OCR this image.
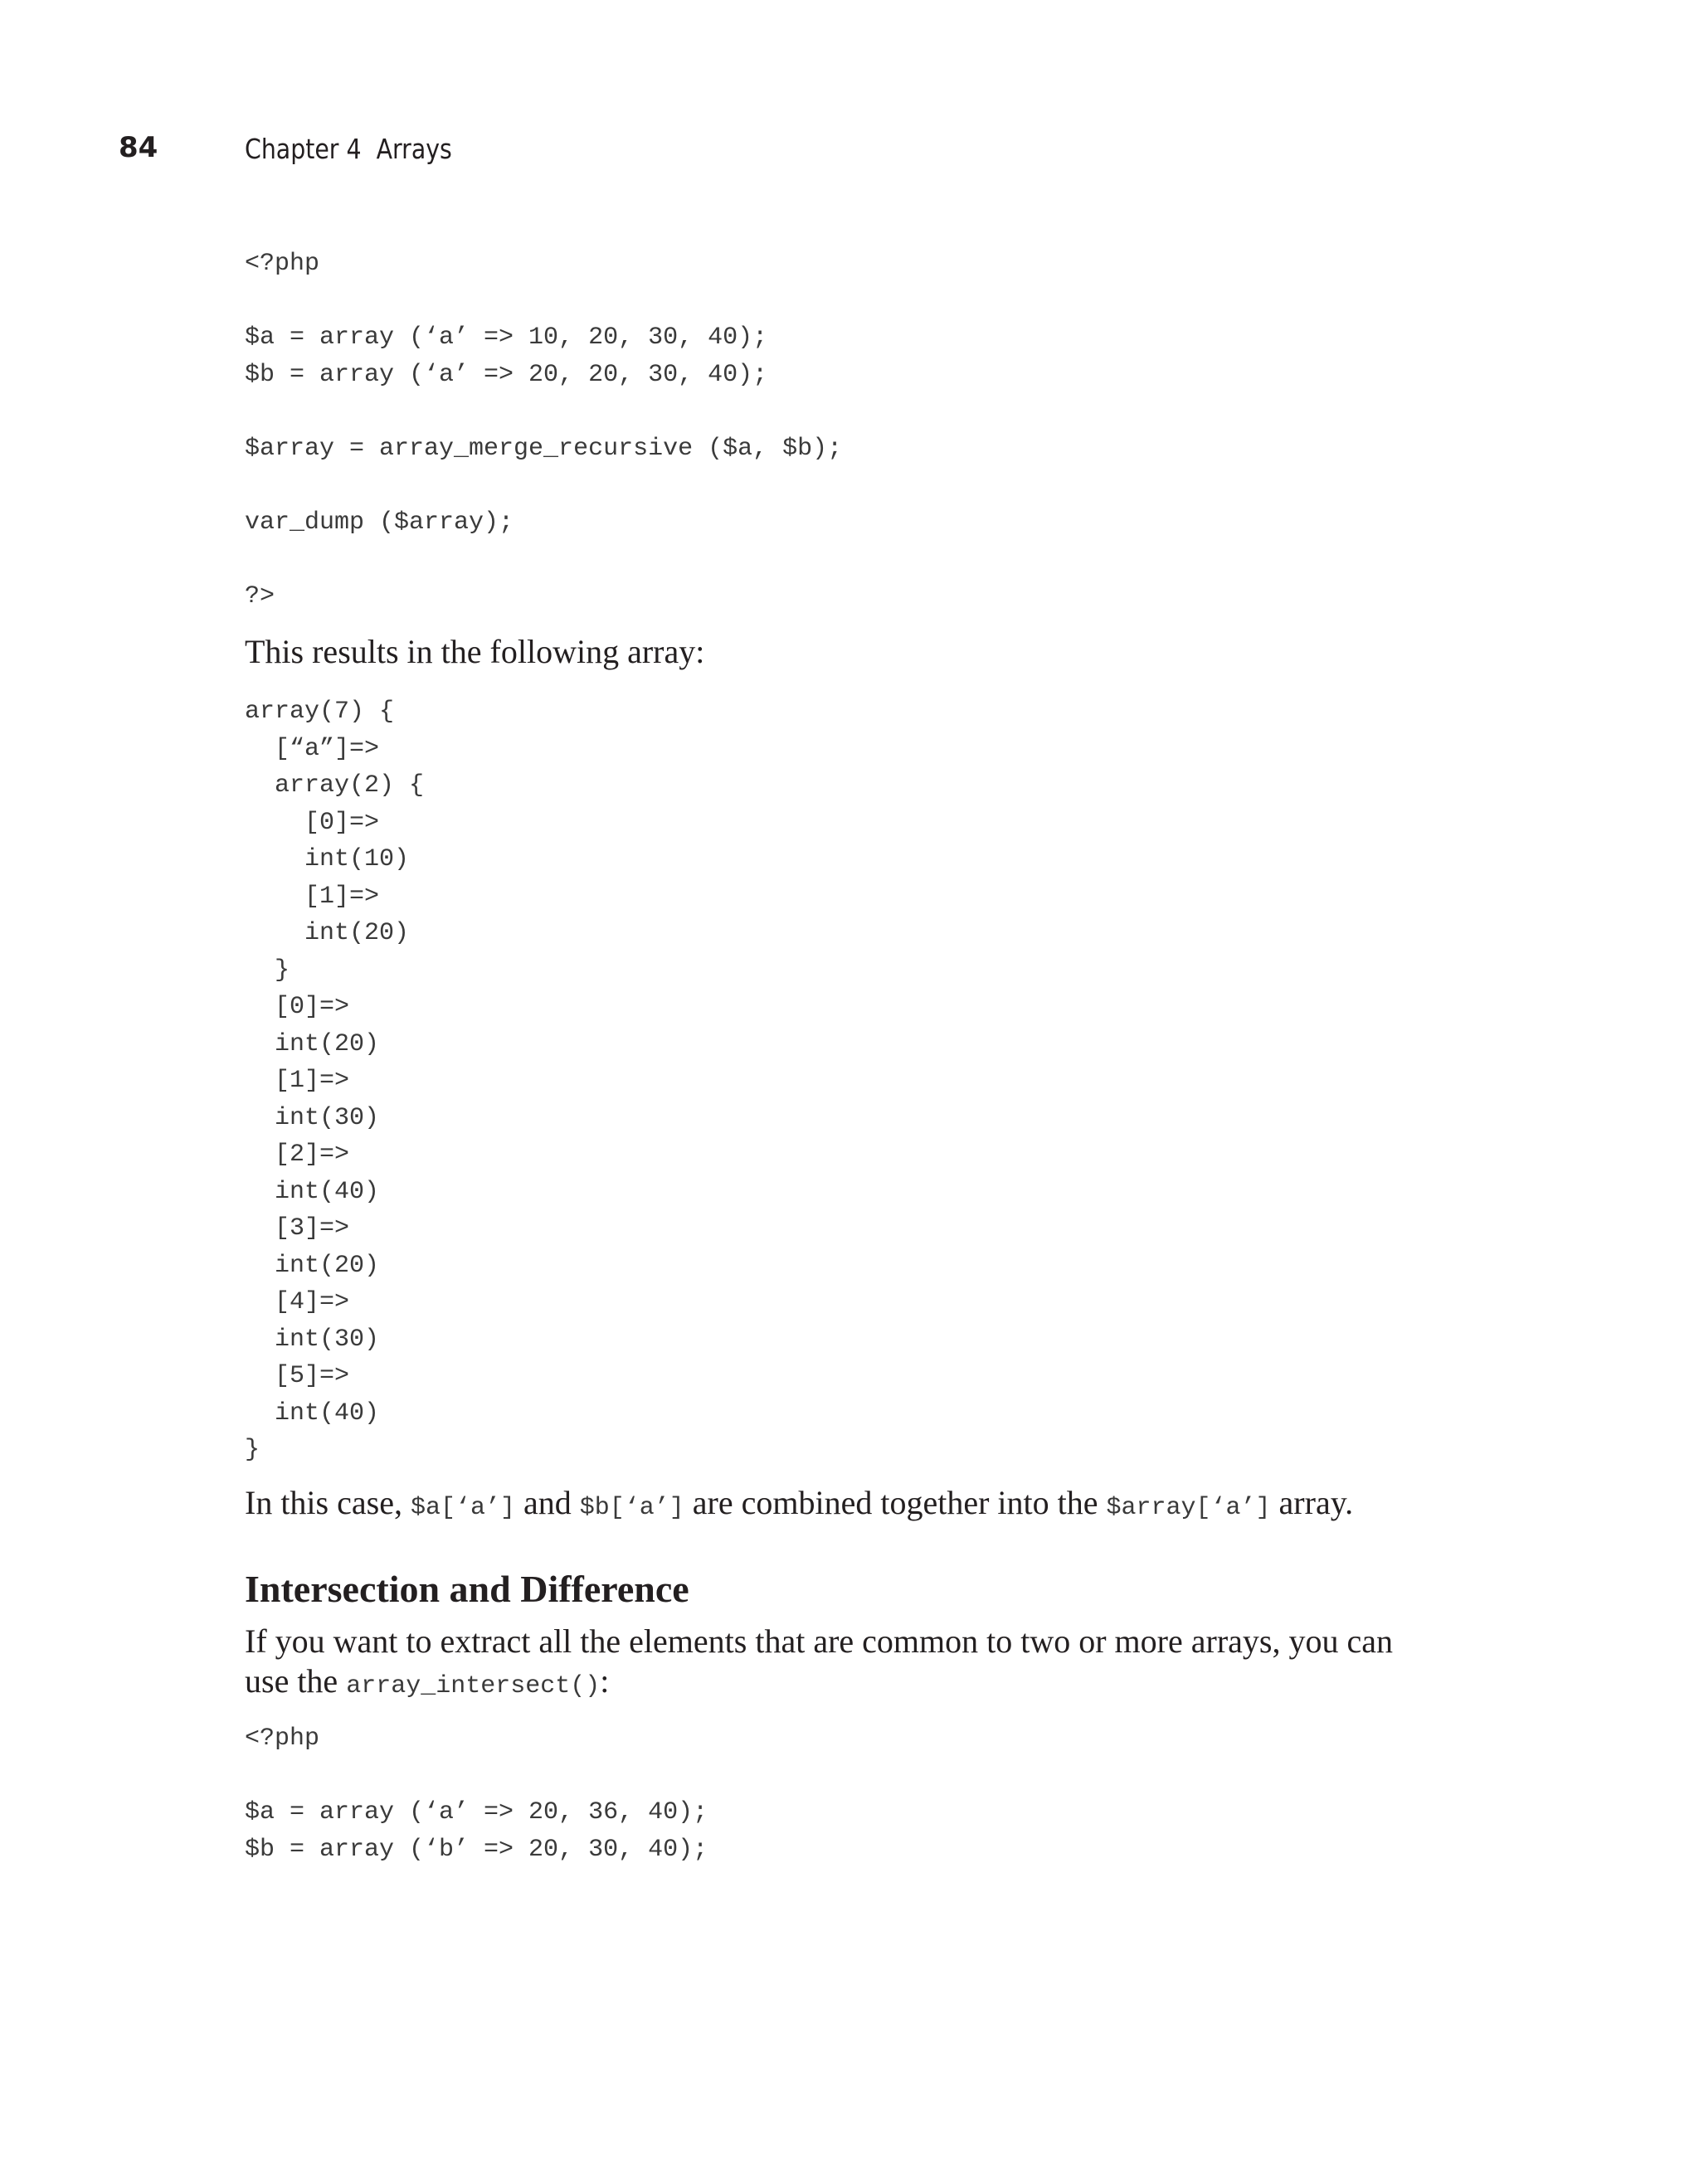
84	Chapter 4  Arrays
<?php
$a = array (‘a’ => 10, 20, 30, 40);
$b = array (‘a’ => 20, 20, 30, 40);
$array = array_merge_recursive ($a, $b);
var_dump ($array);
?>

This results in the following array:

array(7) {
[“a”]=>
array(2) {
[0]=>
int(10)
[1]=>
int(20)
}
[0]=>
int(20)
[1]=>
int(30)
[2]=>
int(40)
[3]=>
int(20)
[4]=>
int(30)
[5]=>
int(40)
}

In this case, $a[‘a’] and $b[‘a’] are combined together into the $array[‘a’] array.

Intersection and Difference

If you want to extract all the elements that are common to two or more arrays, you can use the array_intersect():

<?php
$a = array (‘a’ => 20, 36, 40);
$b = array (‘b’ => 20, 30, 40);
